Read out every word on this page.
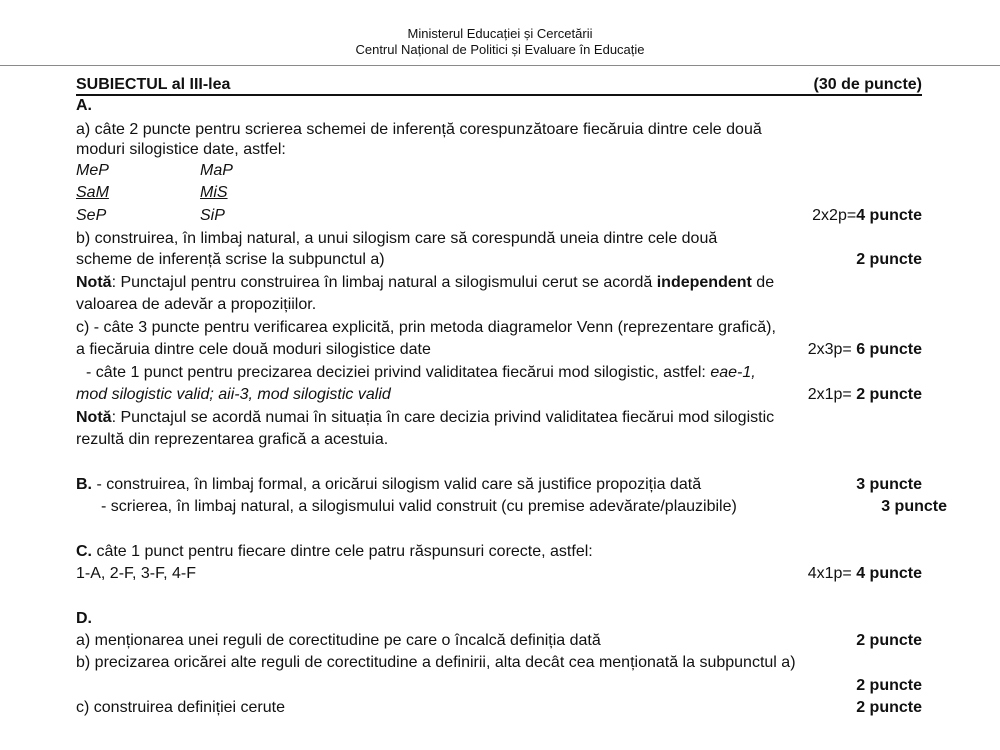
Ministerul Educației și Cercetării
Centrul Național de Politici și Evaluare în Educație
SUBIECTUL al III-lea	(30 de puncte)
A.
a) câte 2 puncte pentru scrierea schemei de inferență corespunzătoare fiecăruia dintre cele două
moduri silogistice date, astfel:
MeP	MaP
SaM	MiS
SeP	SiP	2x2p=4 puncte
b) construirea, în limbaj natural, a unui silogism care să corespundă uneia dintre cele două
scheme de inferență scrise la subpunctul a)	2 puncte
Notă: Punctajul pentru construirea în limbaj natural a silogismului cerut se acordă independent de
valoarea de adevăr a propozițiilor.
c) - câte 3 puncte pentru verificarea explicită, prin metoda diagramelor Venn (reprezentare grafică),
a fiecăruia dintre cele două moduri silogistice date	2x3p= 6 puncte
- câte 1 punct pentru precizarea deciziei privind validitatea fiecărui mod silogistic, astfel: eae-1,
mod silogistic valid; aii-3, mod silogistic valid	2x1p= 2 puncte
Notă: Punctajul se acordă numai în situația în care decizia privind validitatea fiecărui mod silogistic
rezultă din reprezentarea grafică a acestuia.
B. - construirea, în limbaj formal, a oricărui silogism valid care să justifice propoziția dată	3 puncte
- scrierea, în limbaj natural, a silogismului valid construit (cu premise adevărate/plauzibile)	3 puncte
C. câte 1 punct pentru fiecare dintre cele patru răspunsuri corecte, astfel:
1-A, 2-F, 3-F, 4-F	4x1p= 4 puncte
D.
a) menționarea unei reguli de corectitudine pe care o încalcă definiția dată	2 puncte
b) precizarea oricărei alte reguli de corectitudine a definirii, alta decât cea menționată la subpunctul a)
2 puncte
c) construirea definiției cerute	2 puncte
